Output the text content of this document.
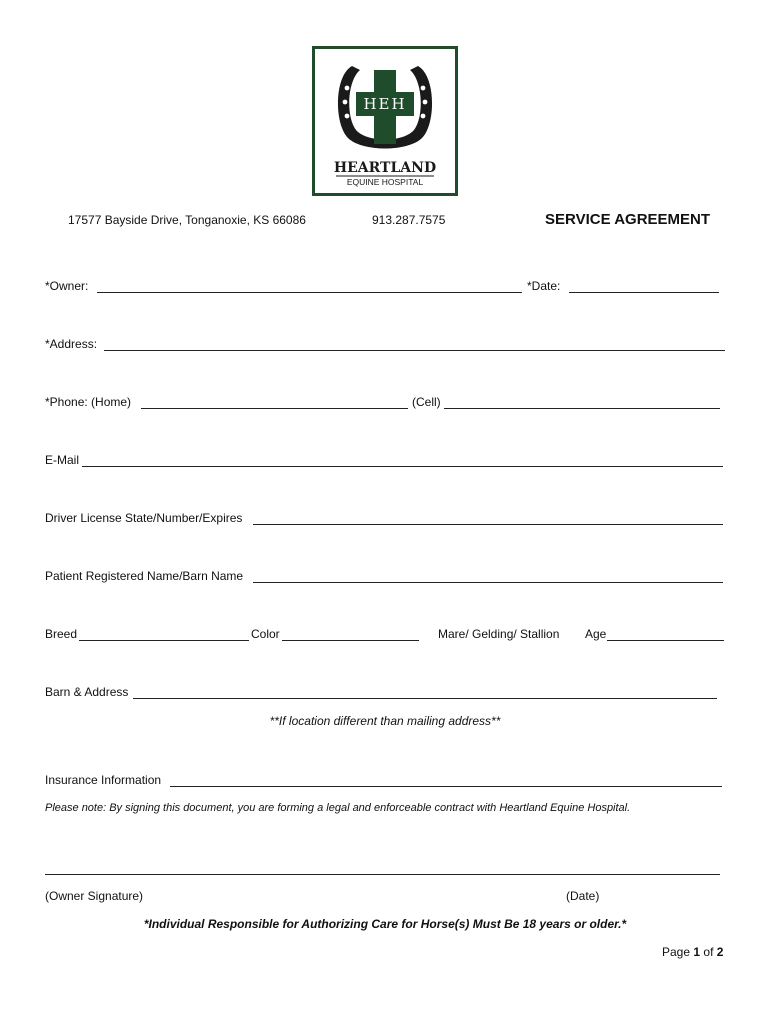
HEH
HEARTLAND
EQUINE HOSPITAL
17577 Bayside Drive, Tonganoxie, KS 66086	913.287.7575	SERVICE AGREEMENT
*Owner:	*Date:
*Address:
*Phone: (Home)	(Cell)
E-Mail
Driver License State/Number/Expires
Patient Registered Name/Barn Name
Breed	Color	Mare/ Gelding/ Stallion Age
Barn & Address
**If location different than mailing address**
Insurance Information
Please note: By signing this document, you are forming a legal and enforceable contract with Heartland Equine Hospital.
(Owner Signature)	(Date)
*Individual Responsible for Authorizing Care for Horse(s) Must Be 18 years or older.*
Page 1 of 2
